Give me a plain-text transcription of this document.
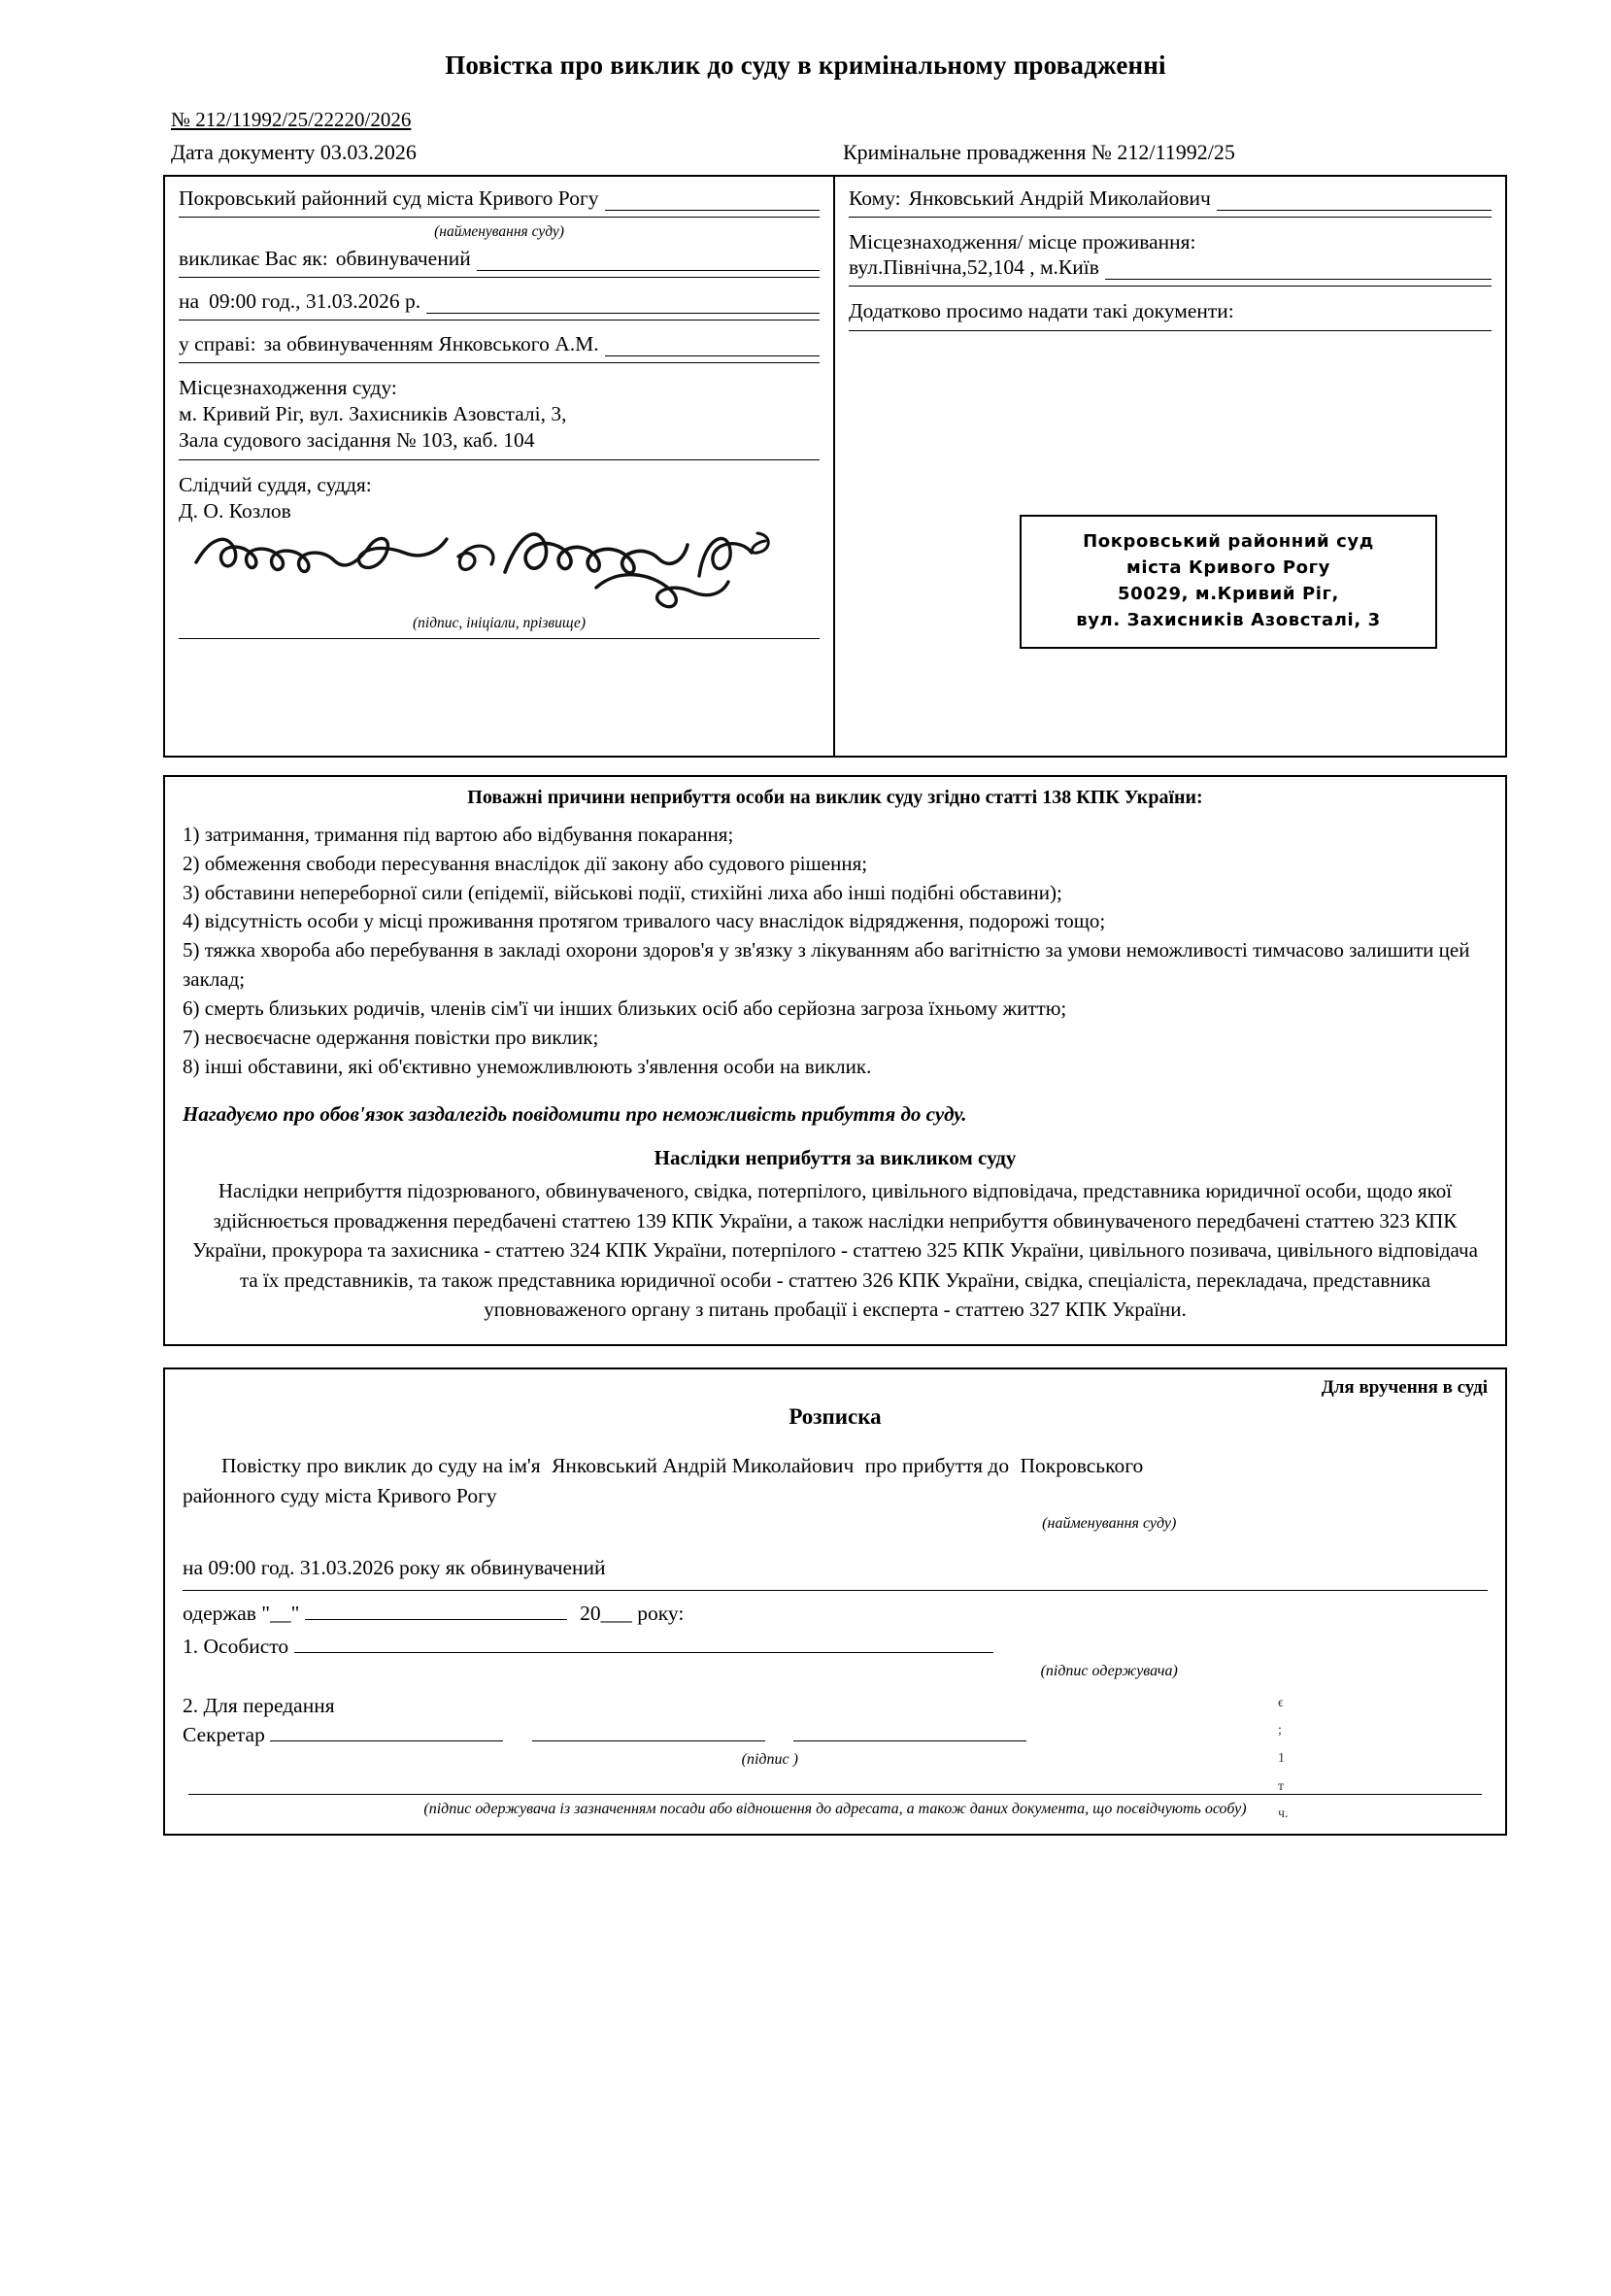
Повістка про виклик до суду в кримінальному провадженні
№ 212/11992/25/22220/2026
Дата документу 03.03.2026	Кримінальне провадження № 212/11992/25
Покровський районний суд міста Кривого Рогу
(найменування суду)
викликає Вас як: обвинувачений
на 09:00 год., 31.03.2026 р.
у справі: за обвинуваченням Янковського А.М.
Місцезнаходження суду:
м. Кривий Ріг, вул. Захисників Азовсталі, 3,
Зала судового засідання № 103, каб. 104
Слідчий суддя, суддя:
Д. О. Козлов
(підпис, ініціали, прізвище)
Кому: Янковський Андрій Миколайович
Місцезнаходження/ місце проживання:
вул.Північна,52,104 , м.Київ
Додатково просимо надати такі документи:
Покровський районний суд
міста Кривого Рогу
50029, м.Кривий Ріг,
вул. Захисників Азовсталі, 3
Поважні причини неприбуття особи на виклик суду згідно статті 138 КПК України:
1) затримання, тримання під вартою або відбування покарання;
2) обмеження свободи пересування внаслідок дії закону або судового рішення;
3) обставини непереборної сили (епідемії, військові події, стихійні лиха або інші подібні обставини);
4) відсутність особи у місці проживання протягом тривалого часу внаслідок відрядження, подорожі тощо;
5) тяжка хвороба або перебування в закладі охорони здоров'я у зв'язку з лікуванням або вагітністю за умови неможливості тимчасово залишити цей заклад;
6) смерть близьких родичів, членів сім'ї чи інших близьких осіб або серйозна загроза їхньому життю;
7) несвоєчасне одержання повістки про виклик;
8) інші обставини, які об'єктивно унеможливлюють з'явлення особи на виклик.
Нагадуємо про обов'язок заздалегідь повідомити про неможливість прибуття до суду.
Наслідки неприбуття за викликом суду
Наслідки неприбуття підозрюваного, обвинуваченого, свідка, потерпілого, цивільного відповідача, представника юридичної особи, щодо якої здійснюється провадження передбачені статтею 139 КПК України, а також наслідки неприбуття обвинуваченого передбачені статтею 323 КПК України, прокурора та захисника - статтею 324 КПК України, потерпілого - статтею 325 КПК України, цивільного позивача, цивільного відповідача та їх представників, та також представника юридичної особи - статтею 326 КПК України, свідка, спеціаліста, перекладача, представника уповноваженого органу з питань пробації і експерта - статтею 327 КПК України.
Для вручення в суді
Розписка
Повістку про виклик до суду на ім'я Янковський Андрій Миколайович про прибуття до Покровського
районного суду міста Кривого Рогу
(найменування суду)
на 09:00 год. 31.03.2026 року як обвинувачений
одержав "__"	20___ року:
1. Особисто
(підпис одержувача)
2. Для передання
Секретар
(підпис )
ϵ
;
1
т
ч.
(підпис одержувача із зазначенням посади або відношення до адресата, а також даних документа, що посвідчують особу)
